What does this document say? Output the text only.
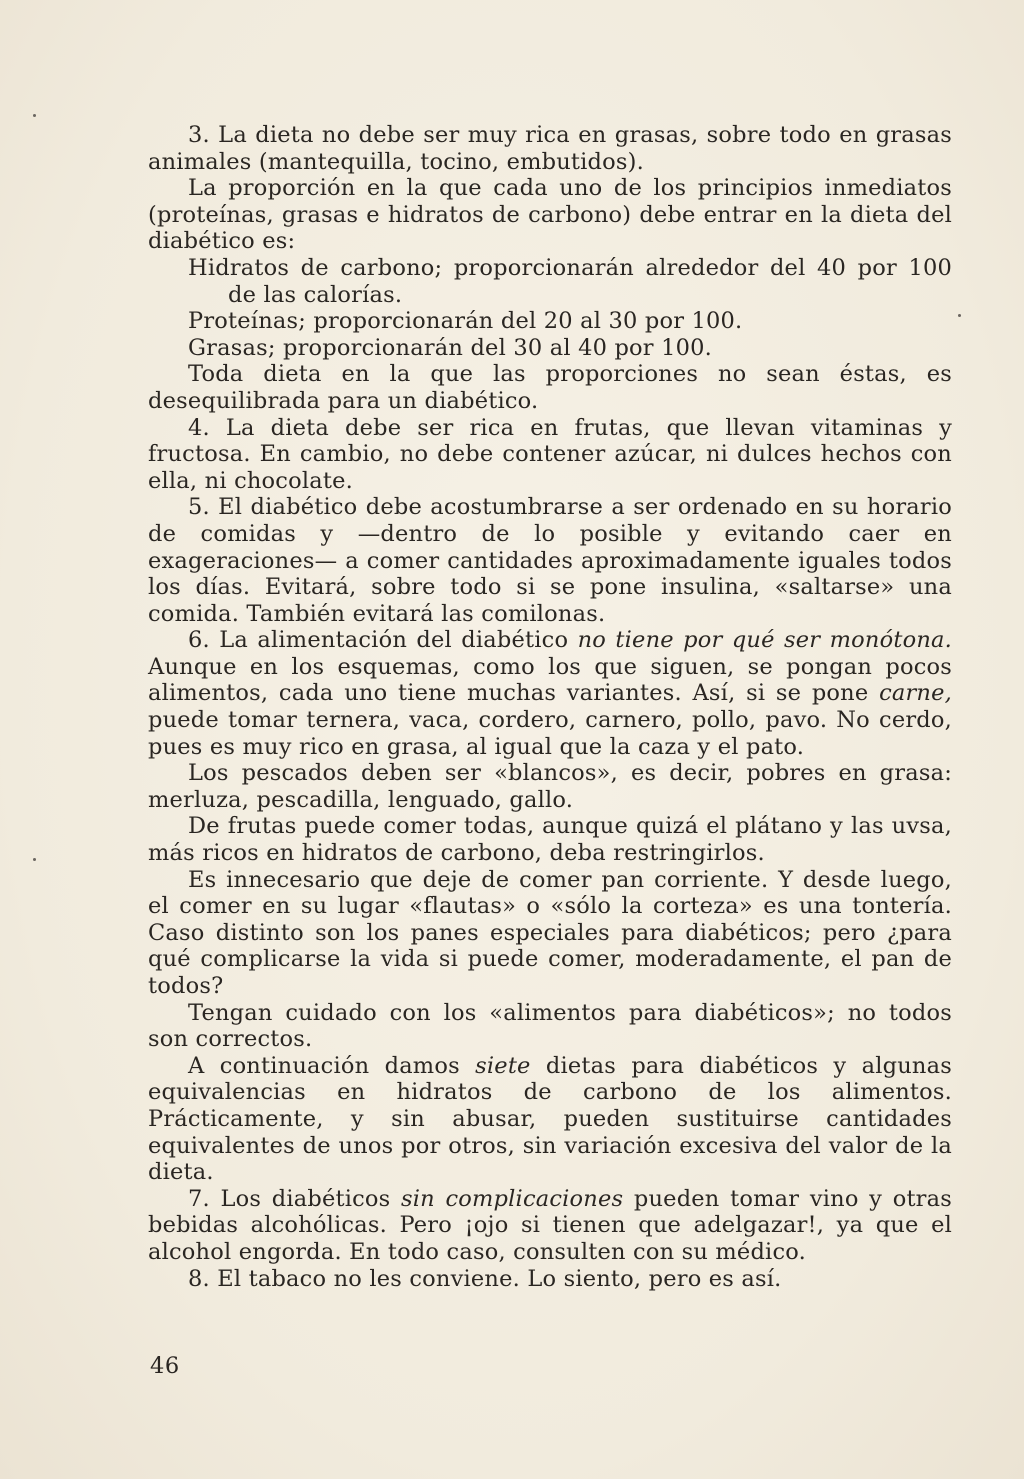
3. La dieta no debe ser muy rica en grasas, sobre todo en grasas animales (mantequilla, tocino, embutidos).

La proporción en la que cada uno de los principios inmediatos (proteínas, grasas e hidratos de carbono) debe entrar en la dieta del diabético es:

Hidratos de carbono; proporcionarán alrededor del 40 por 100 de las calorías.

Proteínas; proporcionarán del 20 al 30 por 100.

Grasas; proporcionarán del 30 al 40 por 100.

Toda dieta en la que las proporciones no sean éstas, es desequilibrada para un diabético.

4. La dieta debe ser rica en frutas, que llevan vitaminas y fructosa. En cambio, no debe contener azúcar, ni dulces hechos con ella, ni chocolate.

5. El diabético debe acostumbrarse a ser ordenado en su horario de comidas y —dentro de lo posible y evitando caer en exageraciones— a comer cantidades aproximadamente iguales todos los días. Evitará, sobre todo si se pone insulina, «saltarse» una comida. También evitará las comilonas.

6. La alimentación del diabético no tiene por qué ser monótona. Aunque en los esquemas, como los que siguen, se pongan pocos alimentos, cada uno tiene muchas variantes. Así, si se pone carne, puede tomar ternera, vaca, cordero, carnero, pollo, pavo. No cerdo, pues es muy rico en grasa, al igual que la caza y el pato.

Los pescados deben ser «blancos», es decir, pobres en grasa: merluza, pescadilla, lenguado, gallo.

De frutas puede comer todas, aunque quizá el plátano y las uvsa, más ricos en hidratos de carbono, deba restringirlos.

Es innecesario que deje de comer pan corriente. Y desde luego, el comer en su lugar «flautas» o «sólo la corteza» es una tontería. Caso distinto son los panes especiales para diabéticos; pero ¿para qué complicarse la vida si puede comer, moderadamente, el pan de todos?

Tengan cuidado con los «alimentos para diabéticos»; no todos son correctos.

A continuación damos siete dietas para diabéticos y algunas equivalencias en hidratos de carbono de los alimentos. Prácticamente, y sin abusar, pueden sustituirse cantidades equivalentes de unos por otros, sin variación excesiva del valor de la dieta.

7. Los diabéticos sin complicaciones pueden tomar vino y otras bebidas alcohólicas. Pero ¡ojo si tienen que adelgazar!, ya que el alcohol engorda. En todo caso, consulten con su médico.

8. El tabaco no les conviene. Lo siento, pero es así.

46
